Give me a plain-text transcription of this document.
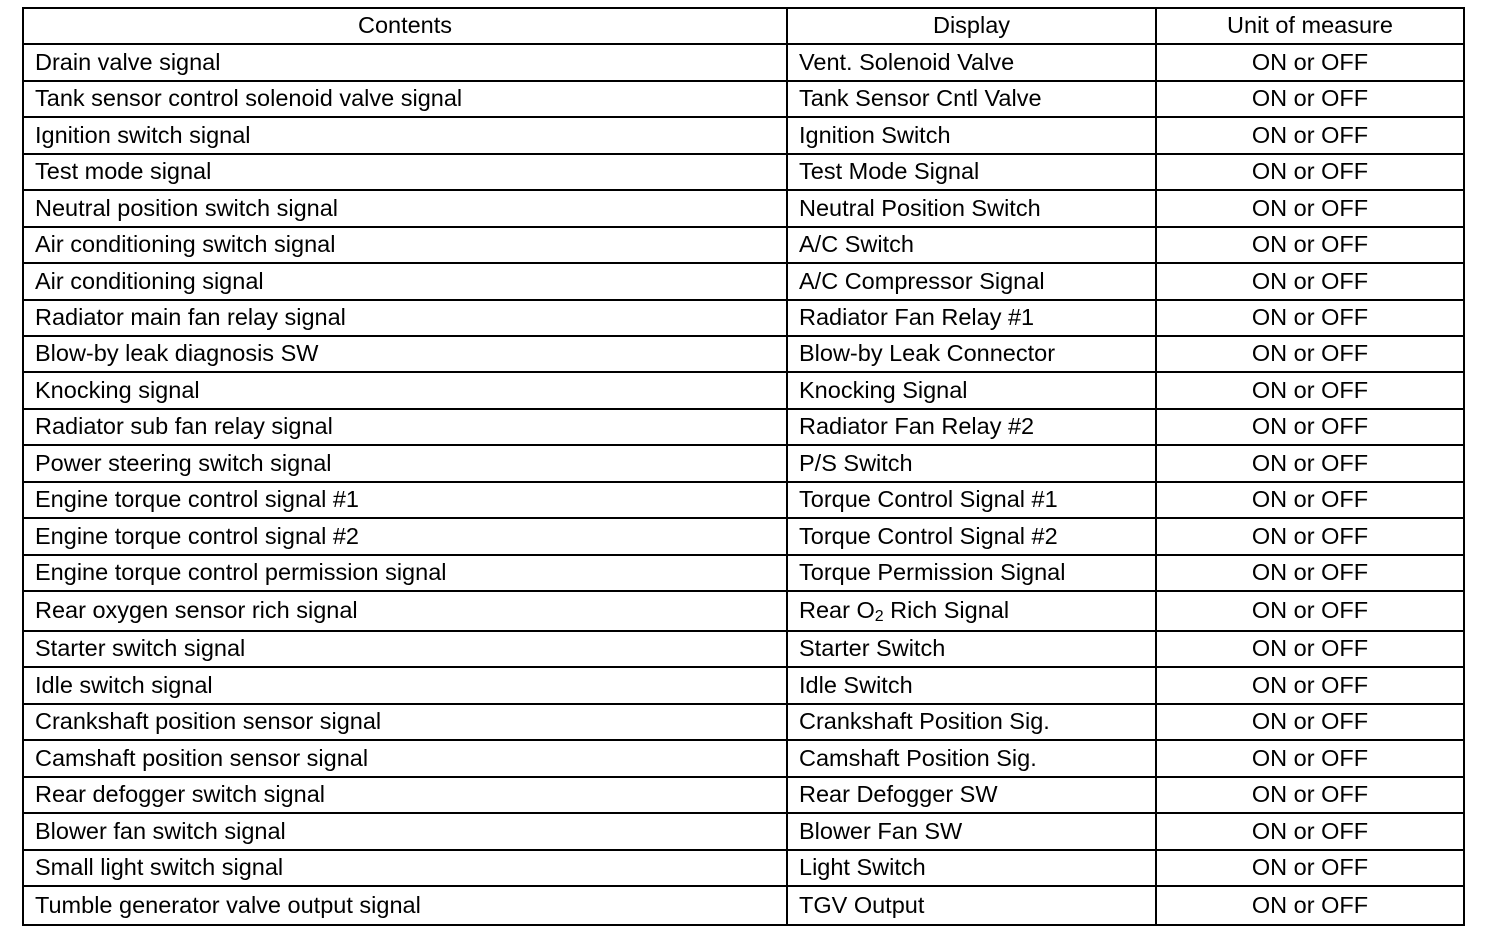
Contents	Display	Unit of measure
Drain valve signal	Vent. Solenoid Valve	ON or OFF
Tank sensor control solenoid valve signal	Tank Sensor Cntl Valve	ON or OFF
Ignition switch signal	Ignition Switch	ON or OFF
Test mode signal	Test Mode Signal	ON or OFF
Neutral position switch signal	Neutral Position Switch	ON or OFF
Air conditioning switch signal	A/C Switch	ON or OFF
Air conditioning signal	A/C Compressor Signal	ON or OFF
Radiator main fan relay signal	Radiator Fan Relay #1	ON or OFF
Blow-by leak diagnosis SW	Blow-by Leak Connector	ON or OFF
Knocking signal	Knocking Signal	ON or OFF
Radiator sub fan relay signal	Radiator Fan Relay #2	ON or OFF
Power steering switch signal	P/S Switch	ON or OFF
Engine torque control signal #1	Torque Control Signal #1	ON or OFF
Engine torque control signal #2	Torque Control Signal #2	ON or OFF
Engine torque control permission signal	Torque Permission Signal	ON or OFF
Rear oxygen sensor rich signal	Rear O 2 Rich Signal	ON or OFF
Starter switch signal	Starter Switch	ON or OFF
Idle switch signal	Idle Switch	ON or OFF
Crankshaft position sensor signal	Crankshaft Position Sig.	ON or OFF
Camshaft position sensor signal	Camshaft Position Sig.	ON or OFF
Rear defogger switch signal	Rear Defogger SW	ON or OFF
Blower fan switch signal	Blower Fan SW	ON or OFF
Small light switch signal	Light Switch	ON or OFF
Tumble generator valve output signal	TGV Output	ON or OFF
